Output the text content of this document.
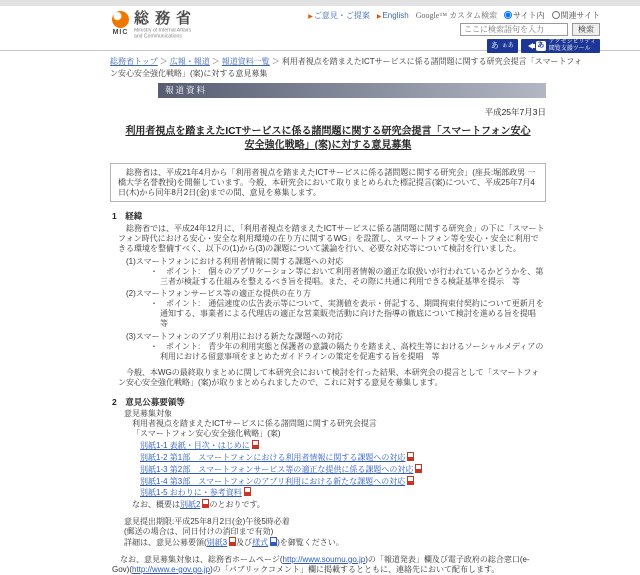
MIC
総務省
Ministry of Internal Affairs
and Communications
▶ご意見・ご提案 ▶English Google™ カスタム検索 サイト内 関連サイト
ここに検索語句を入力
検索
あ ぁあ	あ アクセシビリティ
閲覧支援ツール
総務省トップ ＞ 広報・報道 ＞ 報道資料一覧 ＞ 利用者視点を踏まえたICTサービスに係る諸問題に関する研究会提言「スマートフォン安心安全強化戦略」(案)に対する意見募集
報道資料
平成25年7月3日
利用者視点を踏まえたICTサービスに係る諸問題に関する研究会提言「スマートフォン安心安全強化戦略」(案)に対する意見募集

総務省は、平成21年4月から「利用者視点を踏まえたICTサービスに係る諸問題に関する研究会」(座長:堀部政男 一橋大学名誉教授)を開催しています。今般、本研究会において取りまとめられた標記提言(案)について、平成25年7月4日(木)から同年8月2日(金)までの間、意見を募集します。

1　経緯

総務省では、平成24年12月に、「利用者視点を踏まえたICTサービスに係る諸問題に関する研究会」の下に「スマートフォン時代における安心・安全な利用環境の在り方に関するWG」を設置し、スマートフォン等を安心・安全に利用できる環境を整備すべく、以下の(1)から(3)の課題について議論を行い、必要な対応等について検討を行いました。

(1)スマートフォンにおける利用者情報に関する課題への対応
・　ポイント:　個々のアプリケーション等において利用者情報の適正な取扱いが行われているかどうかを、第三者が検証する仕組みを整えるべき旨を提唱。また、その際に共通に利用できる検証基準を提示　等
(2)スマートフォンサービス等の適正な提供の在り方
・　ポイント:　通信速度の広告表示等について、実測値を表示・併記する、期間拘束付契約について更新月を通知する、事業者による代理店の適正な営業販売活動に向けた指導の徹底について検討を進める旨を提唱　等
(3)スマートフォンのアプリ利用における新たな課題への対応
・　ポイント:　青少年の利用実態と保護者の意識の隔たりを踏まえ、高校生等におけるソーシャルメディアの利用における留意事項をまとめたガイドラインの策定を促進する旨を提唱　等

今般、本WGの最終取りまとめに関して本研究会において検討を行った結果、本研究会の提言として「スマートフォン安心安全強化戦略」(案)が取りまとめられましたので、これに対する意見を募集します。

2　意見公募要領等
意見募集対象
利用者視点を踏まえたICTサービスに係る諸問題に関する研究会提言
「スマートフォン安心安全強化戦略」(案)
別紙1-1 表紙・目次・はじめに
別紙1-2 第1部　スマートフォンにおける利用者情報に関する課題への対応
別紙1-3 第2部　スマートフォンサービス等の適正な提供に係る課題への対応
別紙1-4 第3部　スマートフォンのアプリ利用における新たな課題への対応
別紙1-5 おわりに・参考資料
なお、概要は別紙2 のとおりです。
意見提出期限:平成25年8月2日(金)午後5時必着
(郵送の場合は、同日付けの消印まで有効)
詳細は、意見公募要領(別紙3 及び様式 )を御覧ください。

なお、意見募集対象は、総務省ホームページ(http://www.soumu.go.jp)の「報道発表」欄及び電子政府の総合窓口(e-Gov)(http://www.e-gov.go.jp)の「パブリックコメント」欄に掲載するとともに、連絡先において配布します。
